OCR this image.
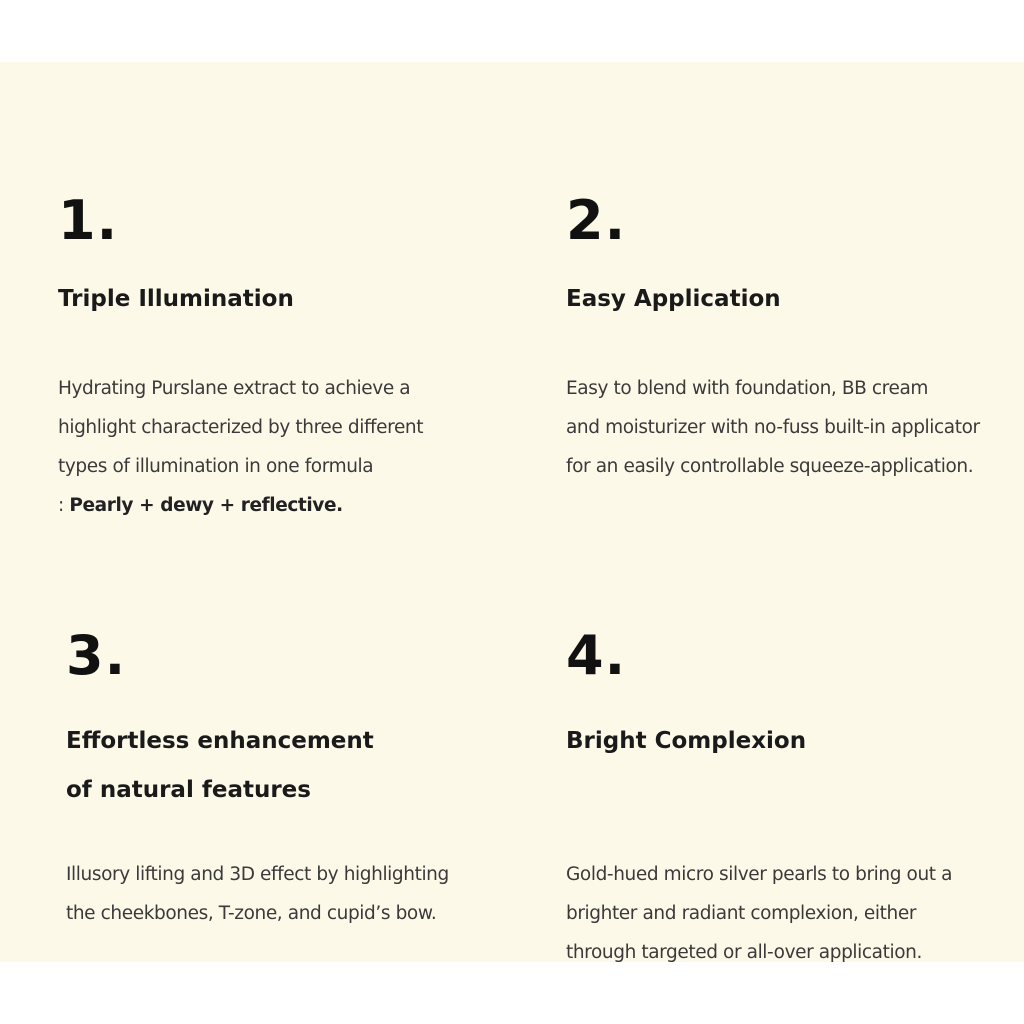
1.
Triple Illumination
Hydrating Purslane extract to achieve a
highlight characterized by three different
types of illumination in one formula
: Pearly + dewy + reflective.
2.
Easy Application
Easy to blend with foundation, BB cream
and moisturizer with no-fuss built-in applicator
for an easily controllable squeeze-application.
3.
Effortless enhancement
of natural features
Illusory lifting and 3D effect by highlighting
the cheekbones, T-zone, and cupid’s bow.
4.
Bright Complexion
Gold-hued micro silver pearls to bring out a
brighter and radiant complexion, either
through targeted or all-over application.
